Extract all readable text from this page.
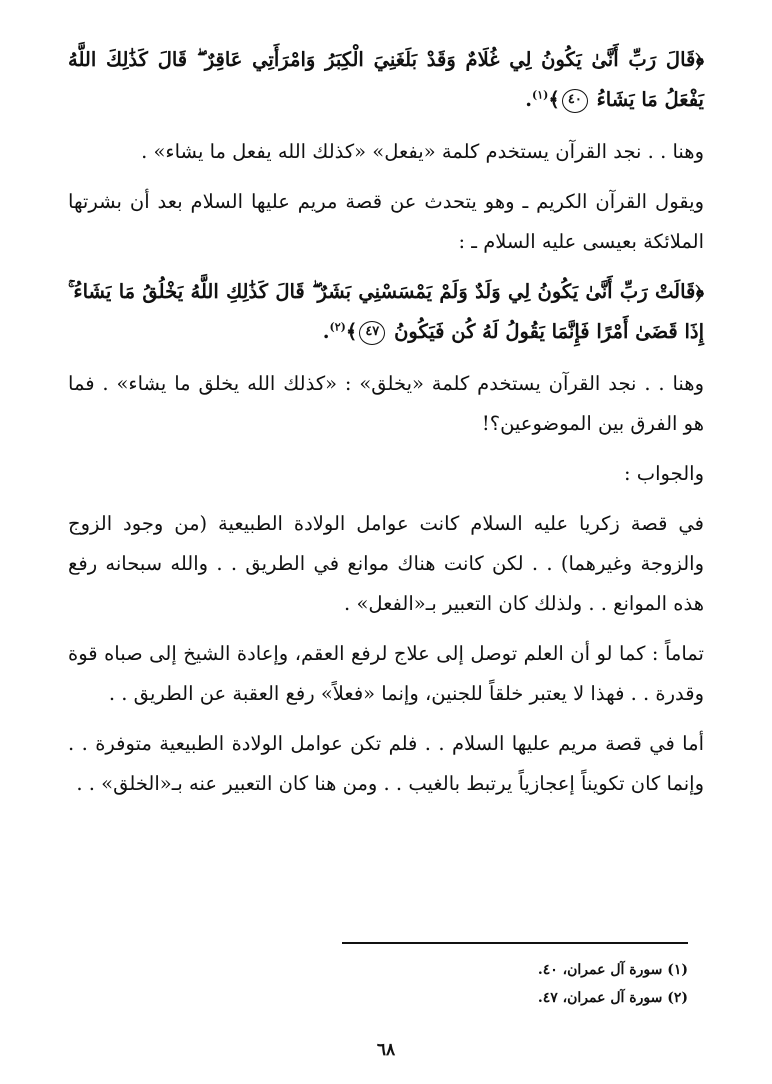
﴿قَالَ رَبِّ أَنَّىٰ يَكُونُ لِي غُلَامٌ وَقَدْ بَلَغَنِيَ الْكِبَرُ وَامْرَأَتِي عَاقِرٌ ۖ قَالَ كَذَٰلِكَ اللَّهُ يَفْعَلُ مَا يَشَاءُ ٤٠﴾$^{(١)}$.

وهنا . . نجد القرآن يستخدم كلمة «يفعل» «كذلك الله يفعل ما يشاء» .

ويقول القرآن الكريم ـ وهو يتحدث عن قصة مريم عليها السلام بعد أن بشرتها الملائكة بعيسى عليه السلام ـ :

﴿قَالَتْ رَبِّ أَنَّىٰ يَكُونُ لِي وَلَدٌ وَلَمْ يَمْسَسْنِي بَشَرٌ ۖ قَالَ كَذَٰلِكِ اللَّهُ يَخْلُقُ مَا يَشَاءُ ۚ إِذَا قَضَىٰ أَمْرًا فَإِنَّمَا يَقُولُ لَهُ كُن فَيَكُونُ ٤٧﴾$^{(٢)}$.

وهنا . . نجد القرآن يستخدم كلمة «يخلق» : «كذلك الله يخلق ما يشاء» . فما هو الفرق بين الموضوعين؟!

والجواب :

في قصة زكريا عليه السلام كانت عوامل الولادة الطبيعية (من وجود الزوج والزوجة وغيرهما) . . لكن كانت هناك موانع في الطريق . . والله سبحانه رفع هذه الموانع . . ولذلك كان التعبير بـ«الفعل» .

تماماً : كما لو أن العلم توصل إلى علاج لرفع العقم، وإعادة الشيخ إلى صباه قوة وقدرة . . فهذا لا يعتبر خلقاً للجنين، وإنما «فعلاً» رفع العقبة عن الطريق . .

أما في قصة مريم عليها السلام . . فلم تكن عوامل الولادة الطبيعية متوفرة . . وإنما كان تكويناً إعجازياً يرتبط بالغيب . . ومن هنا كان التعبير عنه بـ«الخلق» . .

(١) سورة آل عمران، ٤٠.
(٢) سورة آل عمران، ٤٧.
٦٨
